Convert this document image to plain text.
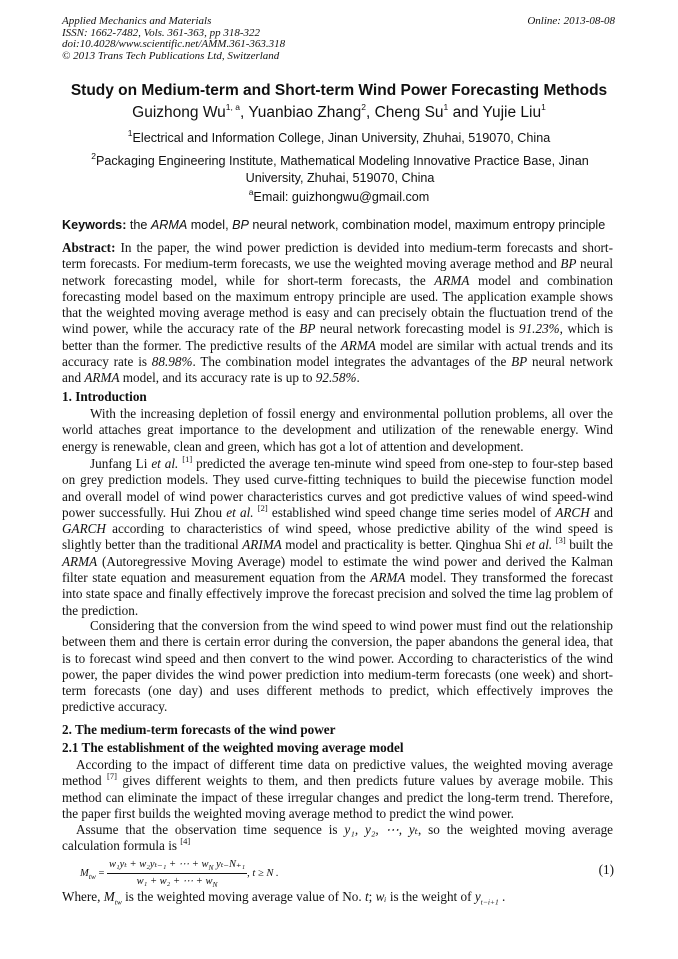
Applied Mechanics and Materials
ISSN: 1662-7482, Vols. 361-363, pp 318-322
doi:10.4028/www.scientific.net/AMM.361-363.318
© 2013 Trans Tech Publications Ltd, Switzerland
Online: 2013-08-08
Study on Medium-term and Short-term Wind Power Forecasting Methods
Guizhong Wu$^{1, a}$, Yuanbiao Zhang$^2$, Cheng Su$^1$ and Yujie Liu$^1$
$^1$Electrical and Information College, Jinan University, Zhuhai, 519070, China
$^2$Packaging Engineering Institute, Mathematical Modeling Innovative Practice Base, Jinan University, Zhuhai, 519070, China
$^a$Email: guizhongwu@gmail.com
Keywords: the ARMA model, BP neural network, combination model, maximum entropy principle
Abstract: In the paper, the wind power prediction is devided into medium-term forecasts and short-term forecasts. For medium-term forecasts, we use the weighted moving average method and BP neural network forecasting model, while for short-term forecasts, the ARMA model and combination forecasting model based on the maximum entropy principle are used. The application example shows that the weighted moving average method is easy and can precisely obtain the fluctuation trend of the wind power, while the accuracy rate of the BP neural network forecasting model is 91.23%, which is better than the former. The predictive results of the ARMA model are similar with actual trends and its accuracy rate is 88.98%. The combination model integrates the advantages of the BP neural network and ARMA model, and its accuracy rate is up to 92.58%.
1. Introduction
With the increasing depletion of fossil energy and environmental pollution problems, all over the world attaches great importance to the development and utilization of the renewable energy. Wind energy is renewable, clean and green, which has got a lot of attention and development.
Junfang Li et al. [1] predicted the average ten-minute wind speed from one-step to four-step based on grey prediction models. They used curve-fitting techniques to build the piecewise function model and overall model of wind power characteristics curves and got predictive values of wind speed-wind power successfully. Hui Zhou et al. [2] established wind speed change time series model of ARCH and GARCH according to characteristics of wind speed, whose predictive ability of the wind speed is slightly better than the traditional ARIMA model and practicality is better. Qinghua Shi et al. [3] built the ARMA (Autoregressive Moving Average) model to estimate the wind power and derived the Kalman filter state equation and measurement equation from the ARMA model. They transformed the forecast into state space and finally effectively improve the forecast precision and solved the time lag problem of the prediction.
Considering that the conversion from the wind speed to wind power must find out the relationship between them and there is certain error during the conversion, the paper abandons the general idea, that is to forecast wind speed and then convert to the wind power. According to characteristics of the wind power, the paper divides the wind power prediction into medium-term forecasts (one week) and short-term forecasts (one day) and uses different methods to predict, which effectively improves the predictive accuracy.
2. The medium-term forecasts of the wind power
2.1 The establishment of the weighted moving average model
According to the impact of different time data on predictive values, the weighted moving average method [7] gives different weights to them, and then predicts future values by average mobile. This method can eliminate the impact of these irregular changes and predict the long-term trend. Therefore, the paper first builds the weighted moving average method to predict the wind power.
Assume that the observation time sequence is y₁, y₂, ⋯, yₜ, so the weighted moving average calculation formula is [4]
$M_{tw} = \frac{w_1y_t + w_2y_{t-1} + \cdots + w_N y_{t-}N_{+1}}{w_1 + w_2 + \cdots + w_N}$ , t ≥ N .	(1)
Where, $M_{tw}$ is the weighted moving average value of No. t; wᵢ is the weight of $y_{t-i+1}$ .
